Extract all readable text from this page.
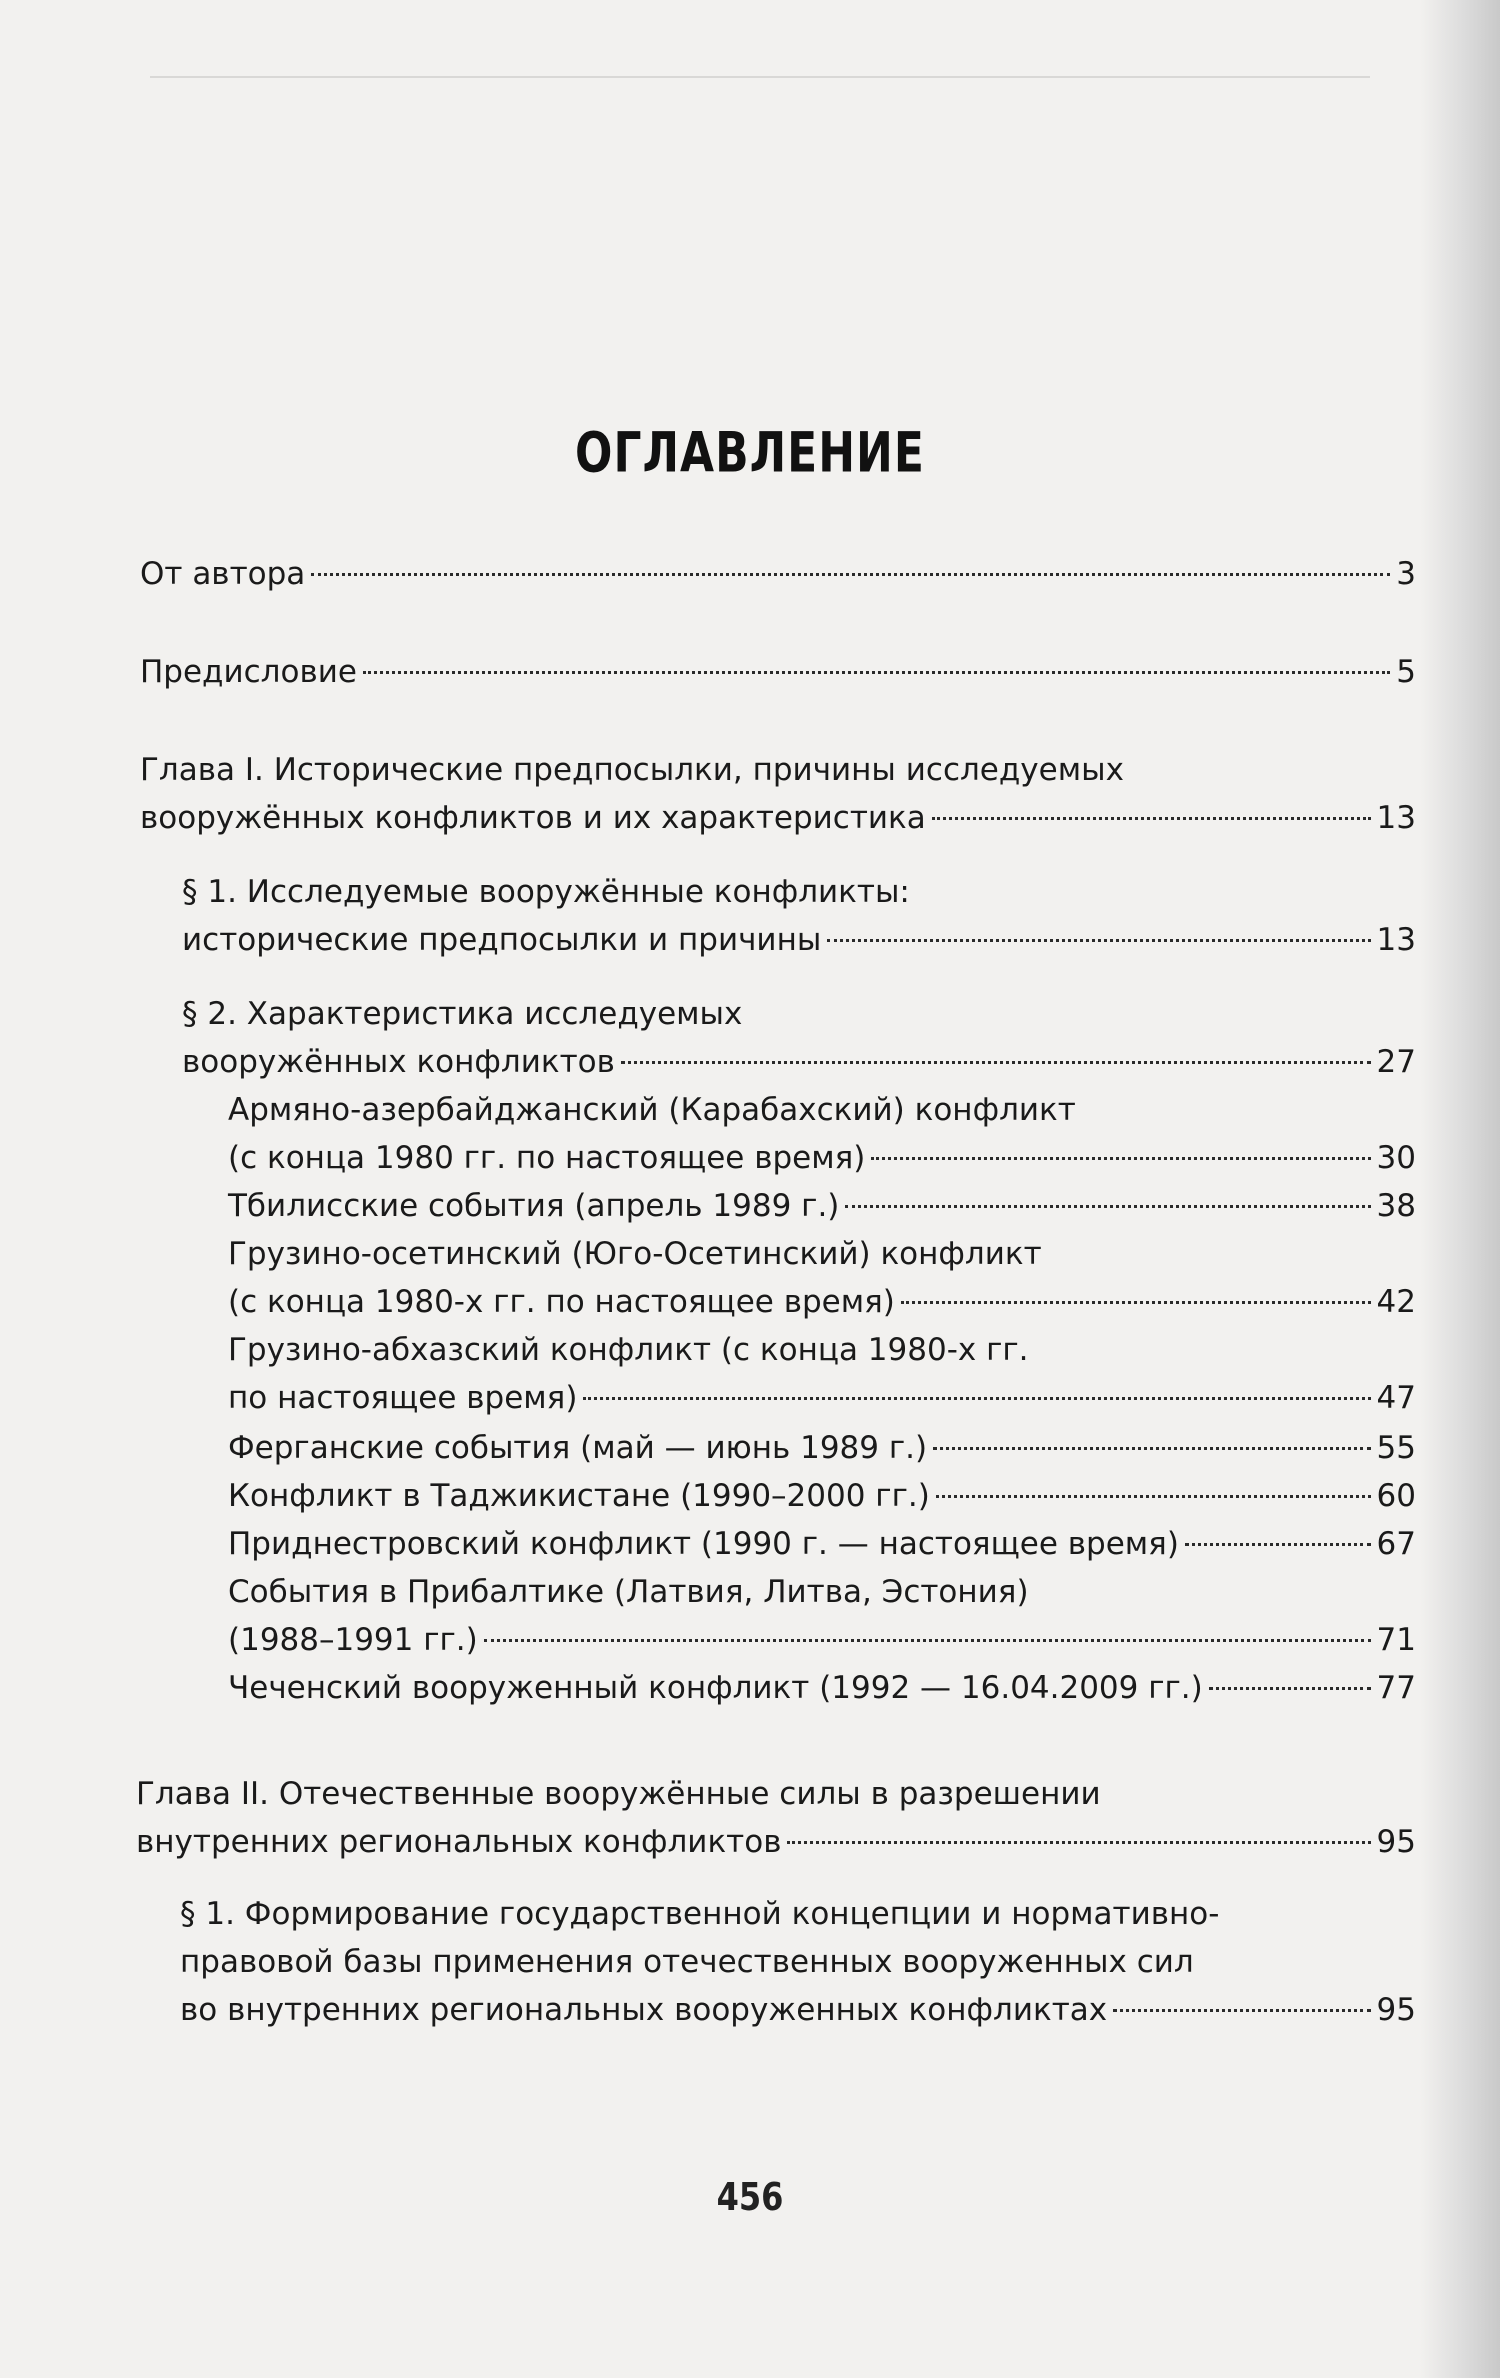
ОГЛАВЛЕНИЕ
От автора	3
Предисловие	5
Глава I. Исторические предпосылки, причины исследуемых
вооружённых конфликтов и их характеристика	13
§ 1. Исследуемые вооружённые конфликты:
исторические предпосылки и причины	13
§ 2. Характеристика исследуемых
вооружённых конфликтов	27
Армяно-азербайджанский (Карабахский) конфликт
(с конца 1980 гг. по настоящее время)	30
Тбилисские события (апрель 1989 г.)	38
Грузино-осетинский (Юго-Осетинский) конфликт
(с конца 1980-х гг. по настоящее время)	42
Грузино-абхазский конфликт (с конца 1980-х гг.
по настоящее время)	47
Ферганские события (май — июнь 1989 г.)	55
Конфликт в Таджикистане (1990–2000 гг.)	60
Приднестровский конфликт (1990 г. — настоящее время)	67
События в Прибалтике (Латвия, Литва, Эстония)
(1988–1991 гг.)	71
Чеченский вооруженный конфликт (1992 — 16.04.2009 гг.)	77
Глава II. Отечественные вооружённые силы в разрешении
внутренних региональных конфликтов	95
§ 1. Формирование государственной концепции и нормативно-
правовой базы применения отечественных вооруженных сил
во внутренних региональных вооруженных конфликтах	95
456
